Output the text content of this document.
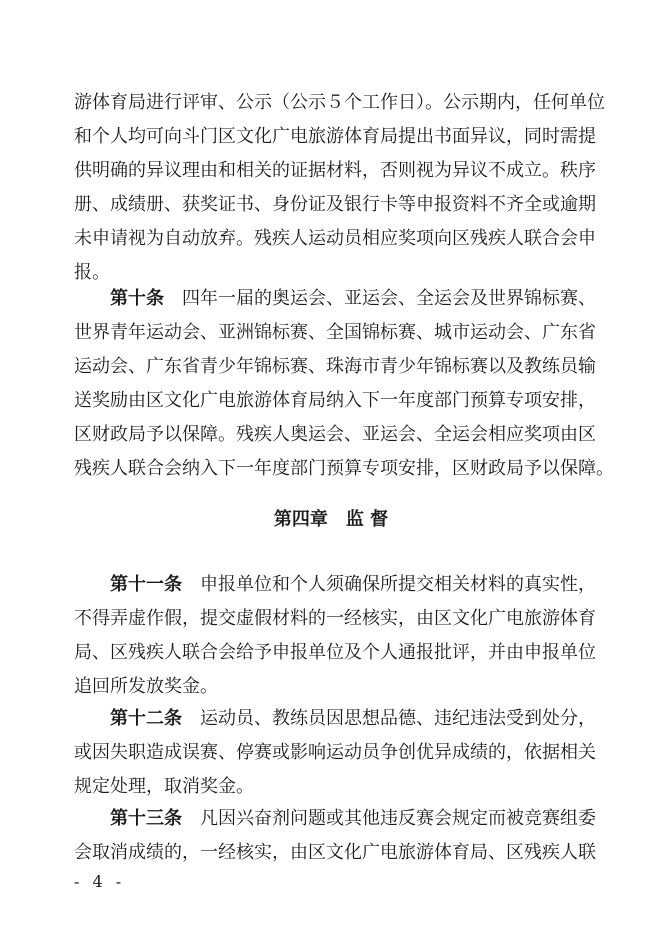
游体育局进行评审、公示（公示５个工作日）。公示期内，任何单位
和个人均可向斗门区文化广电旅游体育局提出书面异议，同时需提
供明确的异议理由和相关的证据材料，否则视为异议不成立。秩序
册、成绩册、获奖证书、身份证及银行卡等申报资料不齐全或逾期
未申请视为自动放弃。残疾人运动员相应奖项向区残疾人联合会申
报。
第十条 四年一届的奥运会、亚运会、全运会及世界锦标赛、
世界青年运动会、亚洲锦标赛、全国锦标赛、城市运动会、广东省
运动会、广东省青少年锦标赛、珠海市青少年锦标赛以及教练员输
送奖励由区文化广电旅游体育局纳入下一年度部门预算专项安排，
区财政局予以保障。残疾人奥运会、亚运会、全运会相应奖项由区
残疾人联合会纳入下一年度部门预算专项安排，区财政局予以保障。
第四章 监 督
第十一条 申报单位和个人须确保所提交相关材料的真实性，
不得弄虚作假，提交虚假材料的一经核实，由区文化广电旅游体育
局、区残疾人联合会给予申报单位及个人通报批评，并由申报单位
追回所发放奖金。
第十二条 运动员、教练员因思想品德、违纪违法受到处分，
或因失职造成误赛、停赛或影响运动员争创优异成绩的，依据相关
规定处理，取消奖金。
第十三条 凡因兴奋剂问题或其他违反赛会规定而被竞赛组委
会取消成绩的，一经核实，由区文化广电旅游体育局、区残疾人联
- 4 -
